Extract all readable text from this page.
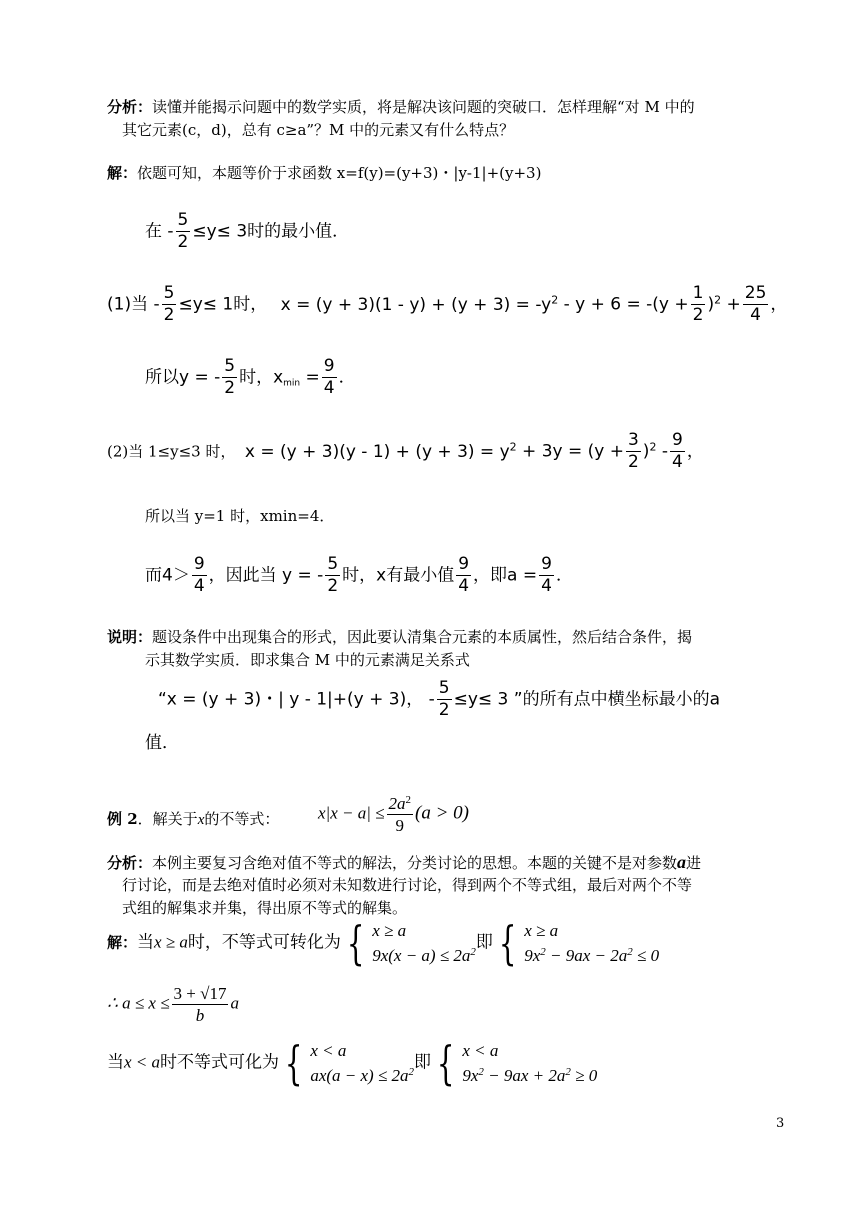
分析：读懂并能揭示问题中的数学实质，将是解决该问题的突破口．怎样理解“对 M 中的
其它元素(c，d)，总有 c≥a”？M 中的元素又有什么特点？
解：依题可知，本题等价于求函数 x=f(y)=(y+3)・|y-1|+(y+3)
在 - $\frac{5}{2} \le y\le 3$时的最小值．
(1)当 - $\frac{5}{2} \le y\le 1$时， $x = (y + 3)(1 - y) + (y + 3) = -y^2 - y + 6 = -(y + \frac{1}{2} )^2 + \frac{25}{4}$ ，
所以y = - $\frac{5}{2}$ 时，$x_{min} = \frac{9}{4}$ ．
(2)当 1≤y≤3 时， $x = (y + 3)(y - 1) + (y + 3) = y^2 + 3y = (y + \frac{3}{2} )^2 - \frac{9}{4}$ ，
所以当 y=1 时，xmin=4．
而$4> \frac{9}{4}$ ，因此当 y = - $\frac{5}{2}$ 时，x有最小值 $\frac{9}{4}$ ，即$a = \frac{9}{4}$ ．
说明：题设条件中出现集合的形式，因此要认清集合元素的本质属性，然后结合条件，揭
示其数学实质．即求集合 M 中的元素满足关系式
“x = (y + 3)・| y - 1|+(y + 3)， - $\frac{5}{2} \le y\le 3$ ”的所有点中横坐标最小的a
值．
例 2．解关于x的不等式： $x|x - a| \le \frac{2a^2}{9} (a > 0)$
分析：本例主要复习含绝对值不等式的解法，分类讨论的思想。本题的关键不是对参数a进
行讨论，而是去绝对值时必须对未知数进行讨论，得到两个不等式组，最后对两个不等
式组的解集求并集，得出原不等式的解集。
解：当x ≥ a时，不等式可转化为 { x ≥ a
$9x(x - a) \le 2a^2$ 即 { x ≥ a
$9x^2 - 9ax - 2a^2 \le 0$
∴ $a \le x \le \frac{3 + √17}{b}$ a
当x < a时不等式可化为 { x < a
$ax(a - x) \le 2a^2$ 即 { x < a
$9x^2 - 9ax + 2a^2 \ge 0$
3
